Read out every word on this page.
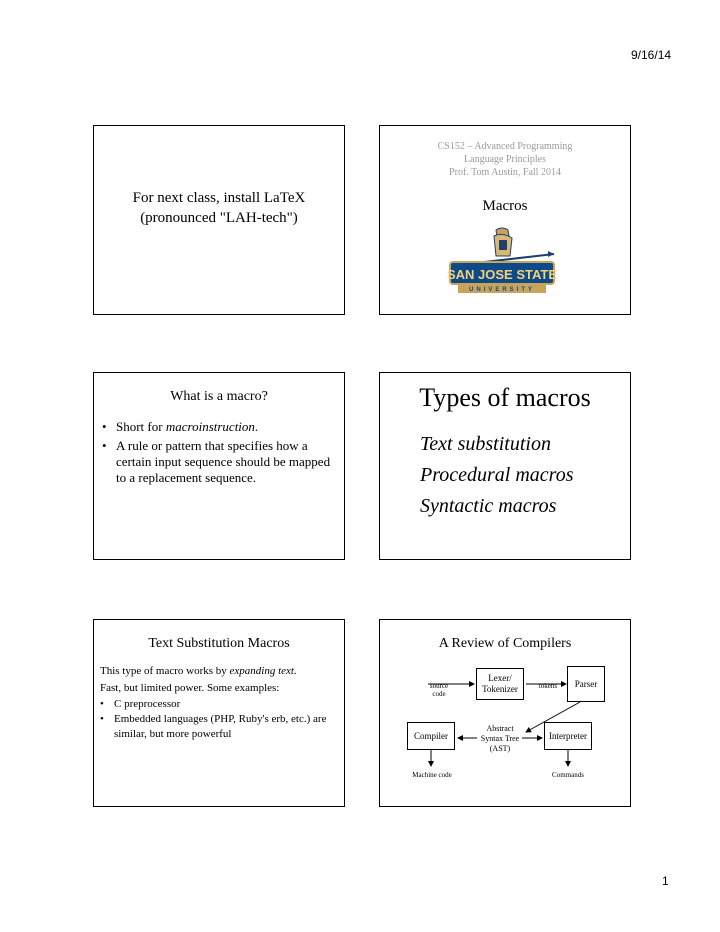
9/16/14
For next class, install LaTeX
(pronounced "LAH-tech")
CS152 – Advanced Programming
Language Principles
Prof. Tom Austin, Fall 2014
Macros
SAN JOSE STATE
UNIVERSITY
What is a macro?
• Short for macroinstruction.
• A rule or pattern that specifies how a certain input sequence should be mapped to a replacement sequence.
Types of macros
Text substitution
Procedural macros
Syntactic macros
Text Substitution Macros
This type of macro works by expanding text.
Fast, but limited power. Some examples:
• C preprocessor
• Embedded languages (PHP, Ruby's erb, etc.) are similar, but more powerful
A Review of Compilers
source code
Lexer/ Tokenizer	tokens	Parser
Compiler
Abstract Syntax Tree (AST)
Interpreter
Machine code	Commands
1
